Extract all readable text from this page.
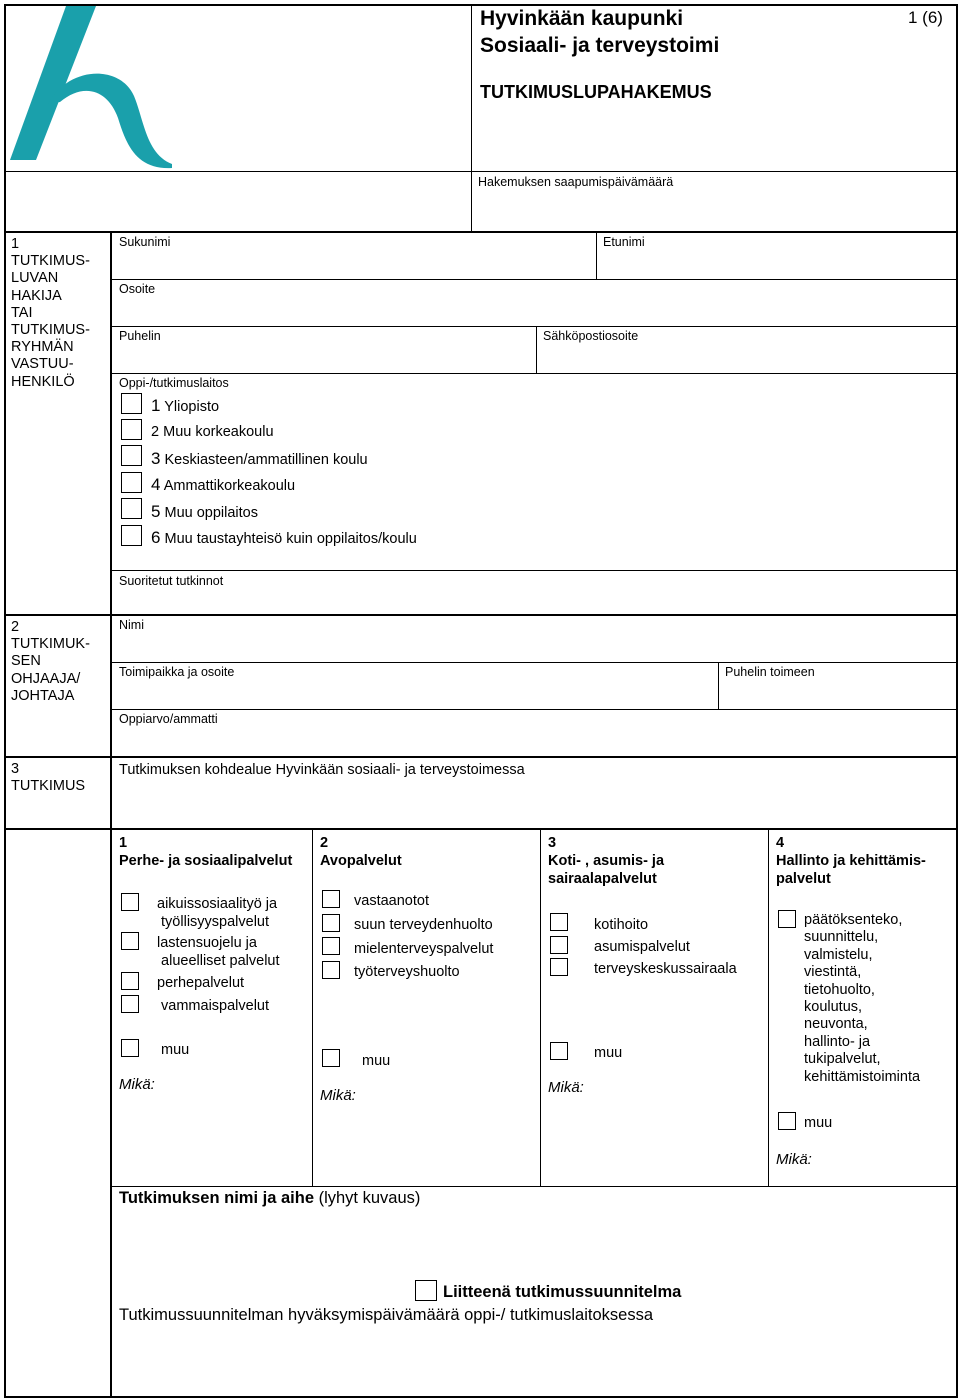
Hyvinkään kaupunki
Sosiaali- ja terveystoimi
TUTKIMUSLUPAHAKEMUS
1 (6)
Hakemuksen saapumispäivämäärä
1
TUTKIMUS-
LUVAN
HAKIJA
TAI
TUTKIMUS-
RYHMÄN
VASTUU-
HENKILÖ
Sukunimi	Etunimi
Osoite
Puhelin	Sähköpostiosoite
Oppi-/tutkimuslaitos
1 Yliopisto
2 Muu korkeakoulu
3 Keskiasteen/ammatillinen koulu
4 Ammattikorkeakoulu
5 Muu oppilaitos
6 Muu taustayhteisö kuin oppilaitos/koulu
Suoritetut tutkinnot
2
TUTKIMUK-
SEN
OHJAAJA/
JOHTAJA
Nimi
Toimipaikka ja osoite	Puhelin toimeen
Oppiarvo/ammatti
3
TUTKIMUS
Tutkimuksen kohdealue Hyvinkään sosiaali- ja terveystoimessa
1
Perhe- ja sosiaalipalvelut
aikuissosiaalityö ja
työllisyyspalvelut
lastensuojelu ja
alueelliset palvelut
perhepalvelut
vammaispalvelut
muu
Mikä:
2
Avopalvelut
vastaanotot
suun terveydenhuolto
mielenterveyspalvelut
työterveyshuolto
muu
Mikä:
3
Koti- , asumis- ja
sairaalapalvelut
kotihoito
asumispalvelut
terveyskeskussairaala
muu
Mikä:
4
Hallinto ja kehittämis-
palvelut
päätöksenteko,
suunnittelu,
valmistelu,
viestintä,
tietohuolto,
koulutus,
neuvonta,
hallinto- ja
tukipalvelut,
kehittämistoiminta
muu
Mikä:
Tutkimuksen nimi ja aihe (lyhyt kuvaus)
Liitteenä tutkimussuunnitelma
Tutkimussuunnitelman hyväksymispäivämäärä oppi-/ tutkimuslaitoksessa
